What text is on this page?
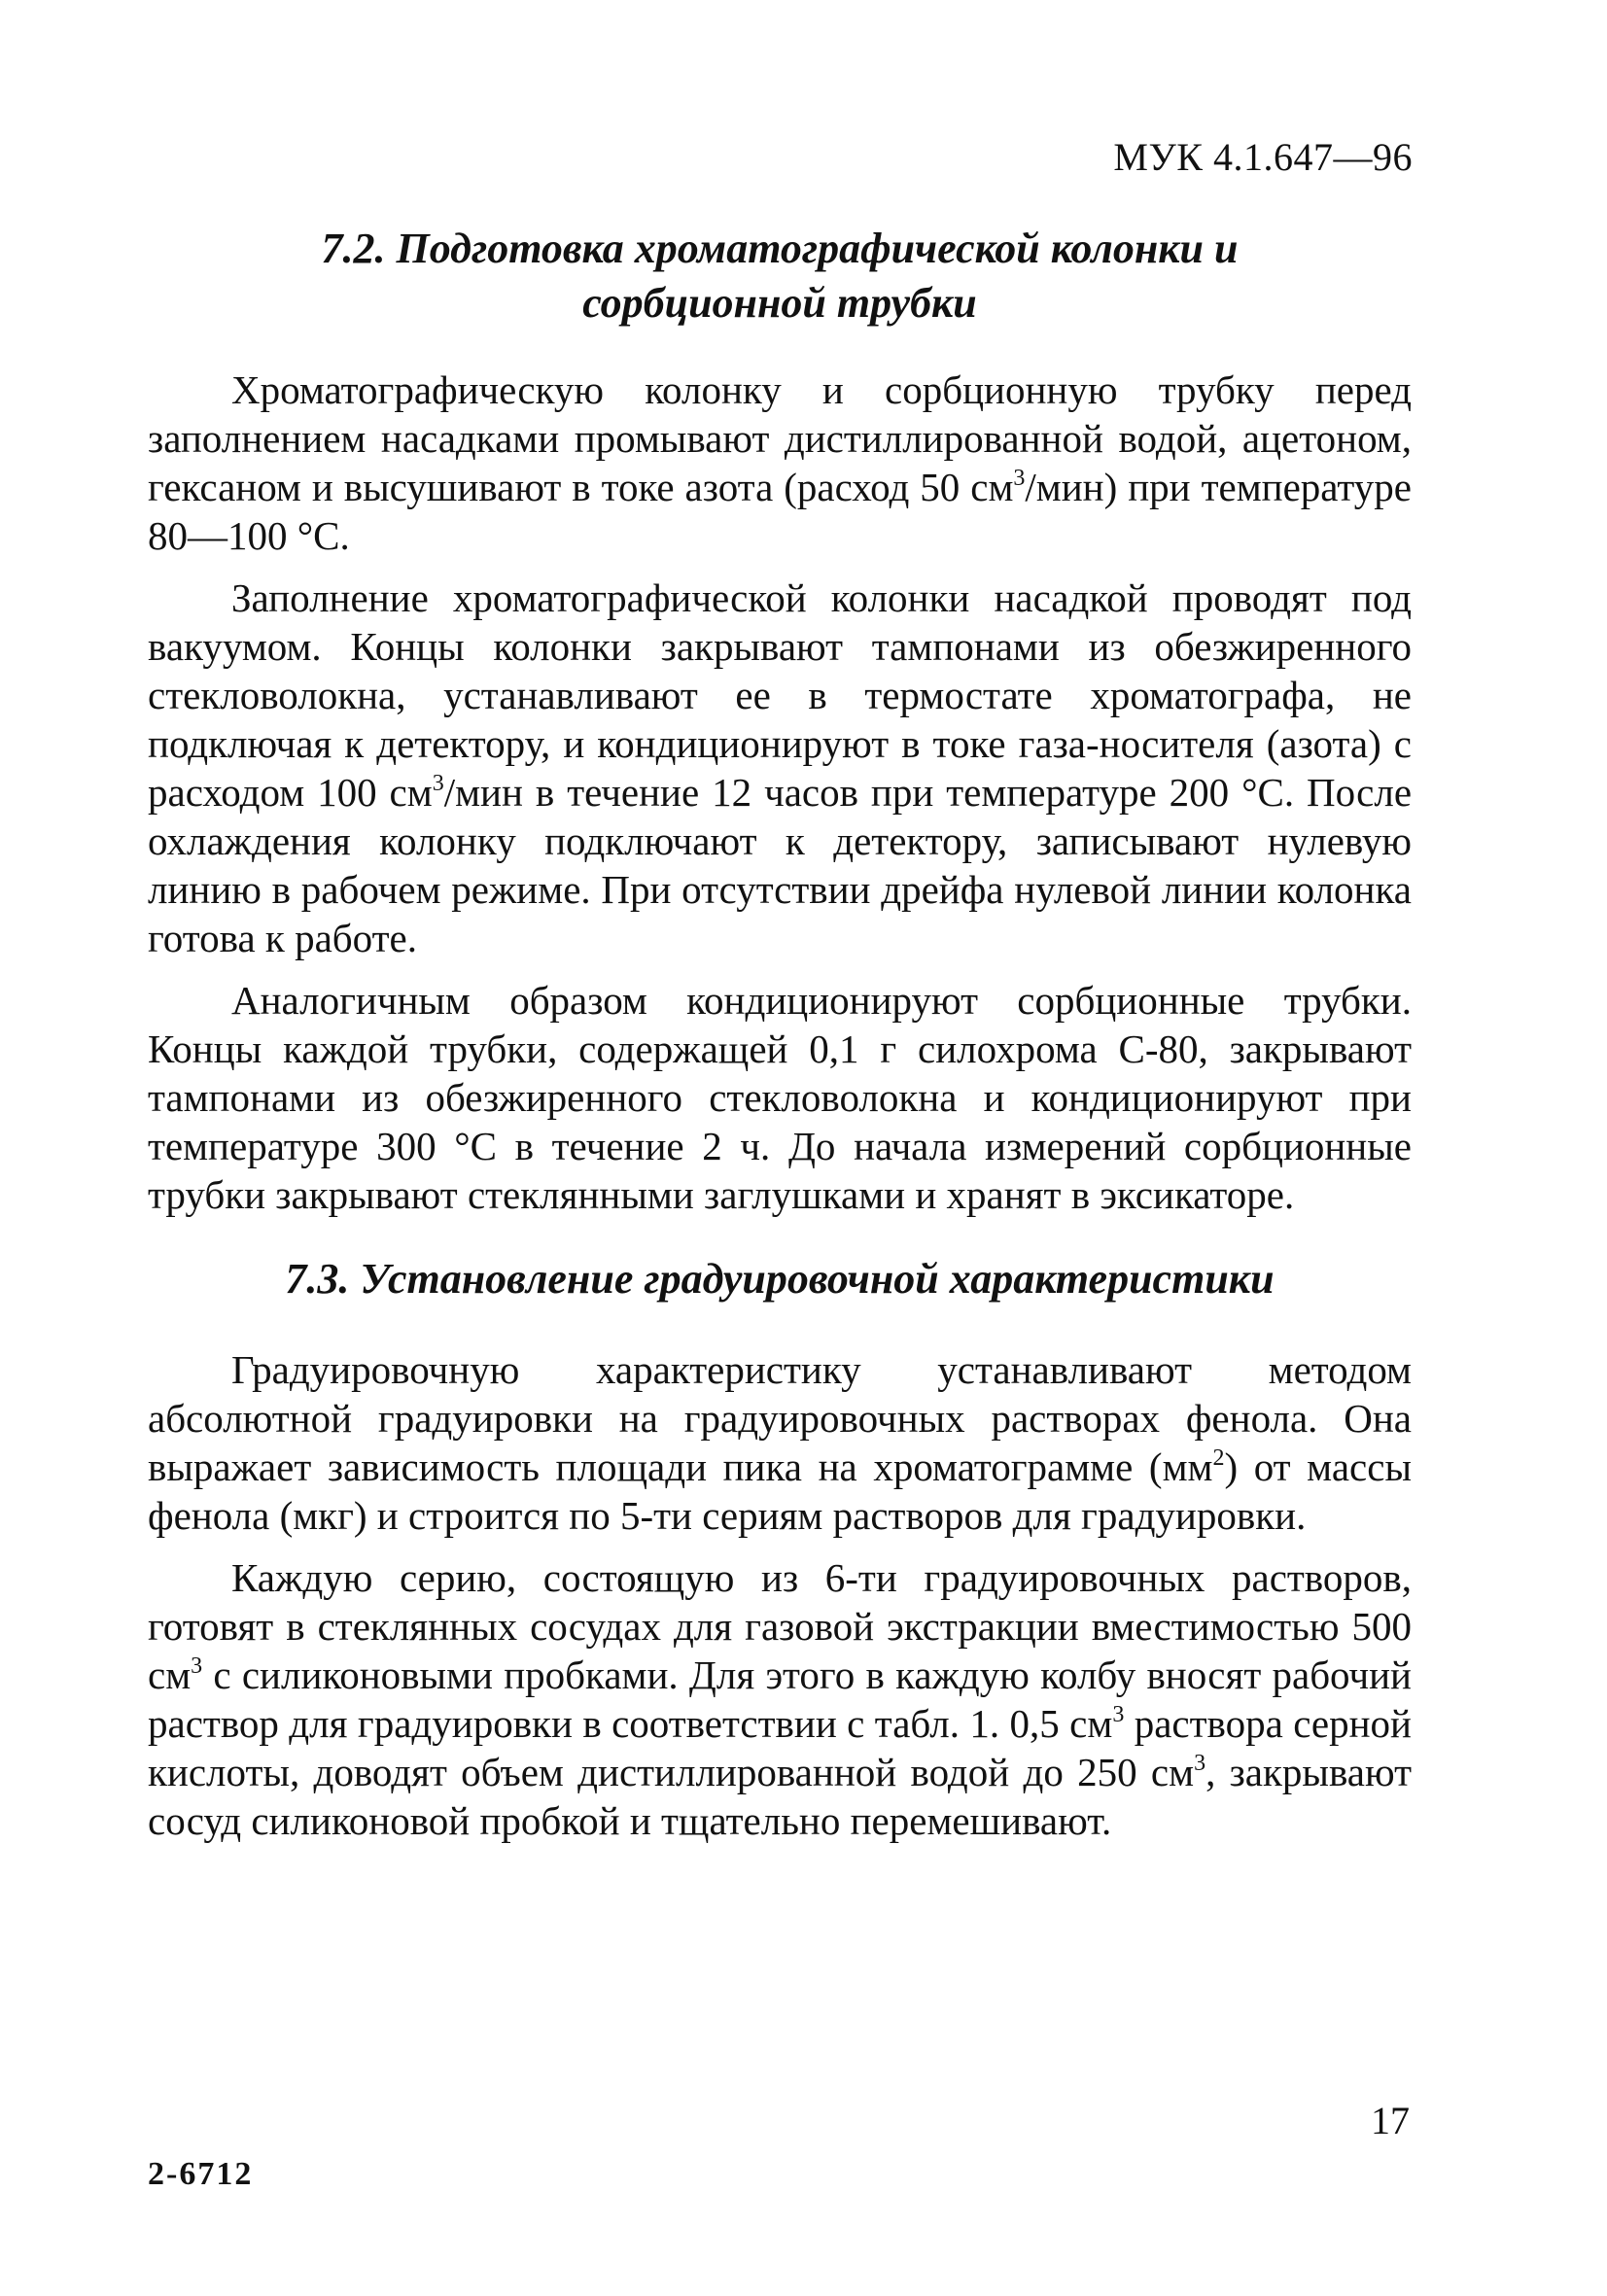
МУК 4.1.647—96
7.2. Подготовка хроматографической колонки и
сорбционной трубки

Хроматографическую колонку и сорбционную трубку перед заполнением насадками промывают дистиллированной водой, ацетоном, гексаном и высушивают в токе азота (расход 50 $см^3/мин$) при температуре 80—100 °С.

Заполнение хроматографической колонки насадкой проводят под вакуумом. Концы колонки закрывают тампонами из обезжиренного стекловолокна, устанавливают ее в термостате хроматографа, не подключая к детектору, и кондиционируют в токе газа-носителя (азота) с расходом 100 $см^3$/мин в течение 12 часов при температуре 200 °С. После охлаждения колонку подключают к детектору, записывают нулевую линию в рабочем режиме. При отсутствии дрейфа нулевой линии колонка готова к работе.

Аналогичным образом кондиционируют сорбционные трубки. Концы каждой трубки, содержащей 0,1 г силохрома С-80, закрывают тампонами из обезжиренного стекловолокна и кондиционируют при температуре 300 °С в течение 2 ч. До начала измерений сорбционные трубки закрывают стеклянными заглушками и хранят в эксикаторе.

7.3. Установление градуировочной характеристики

Градуировочную характеристику устанавливают методом абсолютной градуировки на градуировочных растворах фенола. Она выражает зависимость площади пика на хроматограмме $(мм^2)$ от массы фенола (мкг) и строится по 5-ти сериям растворов для градуировки.

Каждую серию, состоящую из 6-ти градуировочных растворов, готовят в стеклянных сосудах для газовой экстракции вместимостью 500 $см^3$ с силиконовыми пробками. Для этого в каждую колбу вносят рабочий раствор для градуировки в соответствии с табл. 1. 0,5 $см^3$ раствора серной кислоты, доводят объем дистиллированной водой до 250 $см^3$, закрывают сосуд силиконовой пробкой и тщательно перемешивают.

17
2-6712
